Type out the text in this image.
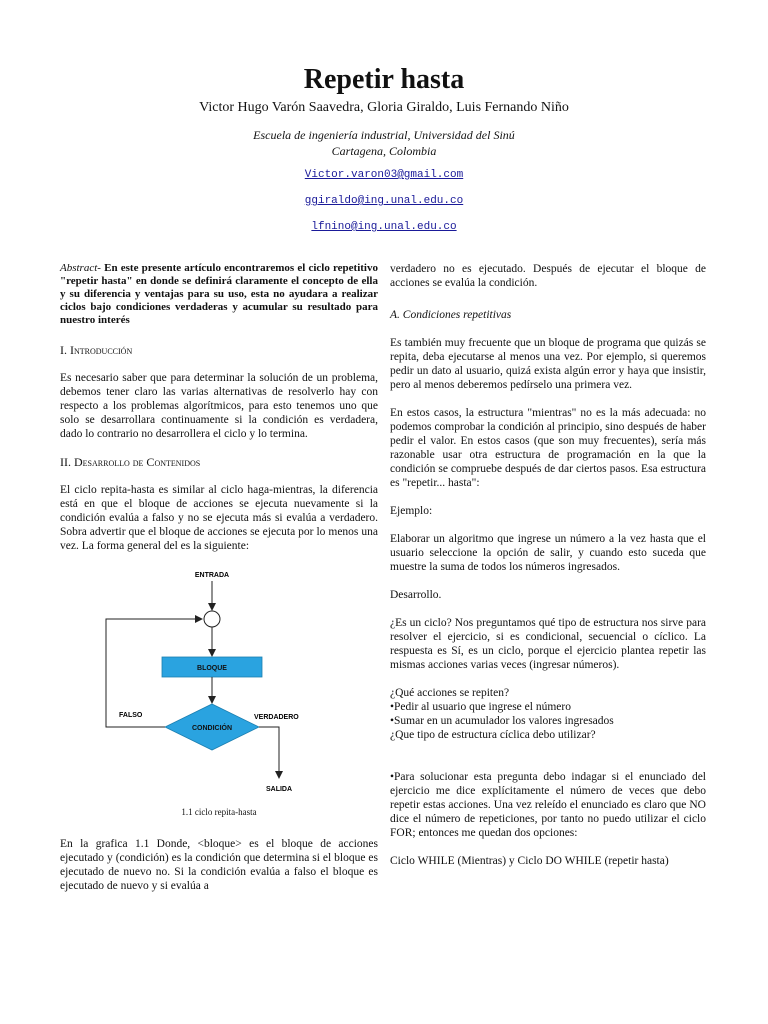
Repetir hasta
Victor Hugo Varón Saavedra, Gloria Giraldo, Luis Fernando Niño
Escuela de ingeniería industrial, Universidad del Sinú
Cartagena, Colombia
Victor.varon03@gmail.com
ggiraldo@ing.unal.edu.co
lfnino@ing.unal.edu.co

Abstract- En este presente artículo encontraremos el ciclo repetitivo "repetir hasta" en donde se definirá claramente el concepto de ella y su diferencia y ventajas para su uso, esta no ayudara a realizar ciclos bajo condiciones verdaderas y acumular su resultado para nuestro interés

I. Introducción

Es necesario saber que para determinar la solución de un problema, debemos tener claro las varias alternativas de resolverlo hay con respecto a los problemas algorítmicos, para esto tenemos uno que solo se desarrollara continuamente si la condición es verdadera, dado lo contrario no desarrollera el ciclo y lo termina.

II. Desarrollo de Contenidos

El ciclo repita-hasta es similar al ciclo haga-mientras, la diferencia está en que el bloque de acciones se ejecuta nuevamente si la condición evalúa a falso y no se ejecuta más si evalúa a verdadero. Sobra advertir que el bloque de acciones se ejecuta por lo menos una vez. La forma general del es la siguiente:

ENTRADA
BLOQUE
CONDICIÓN
FALSO	VERDADERO
SALIDA
1.1 ciclo repita-hasta

En la grafica 1.1 Donde, <bloque> es el bloque de acciones ejecutado y (condición) es la condición que determina si el bloque es ejecutado de nuevo no. Si la condición evalúa a falso el bloque es ejecutado de nuevo y si evalúa a

verdadero no es ejecutado. Después de ejecutar el bloque de acciones se evalúa la condición.

A. Condiciones repetitivas

Es también muy frecuente que un bloque de programa que quizás se repita, deba ejecutarse al menos una vez. Por ejemplo, si queremos pedir un dato al usuario, quizá exista algún error y haya que insistir, pero al menos deberemos pedírselo una primera vez.

En estos casos, la estructura "mientras" no es la más adecuada: no podemos comprobar la condición al principio, sino después de haber pedir el valor. En estos casos (que son muy frecuentes), sería más razonable usar otra estructura de programación en la que la condición se compruebe después de dar ciertos pasos. Esa estructura es "repetir... hasta":

Ejemplo:

Elaborar un algoritmo que ingrese un número a la vez hasta que el usuario seleccione la opción de salir, y cuando esto suceda que muestre la suma de todos los números ingresados.

Desarrollo.

¿Es un ciclo? Nos preguntamos qué tipo de estructura nos sirve para resolver el ejercicio, si es condicional, secuencial o cíclico. La respuesta es Sí, es un ciclo, porque el ejercicio plantea repetir las mismas acciones varias veces (ingresar números).

¿Qué acciones se repiten?
•Pedir al usuario que ingrese el número
•Sumar en un acumulador los valores ingresados
¿Que tipo de estructura cíclica debo utilizar?

•Para solucionar esta pregunta debo indagar si el enunciado del ejercicio me dice explícitamente el número de veces que debo repetir estas acciones. Una vez releído el enunciado es claro que NO dice el número de repeticiones, por tanto no puedo utilizar el ciclo FOR; entonces me quedan dos opciones:

Ciclo WHILE (Mientras) y Ciclo DO WHILE (repetir hasta)
